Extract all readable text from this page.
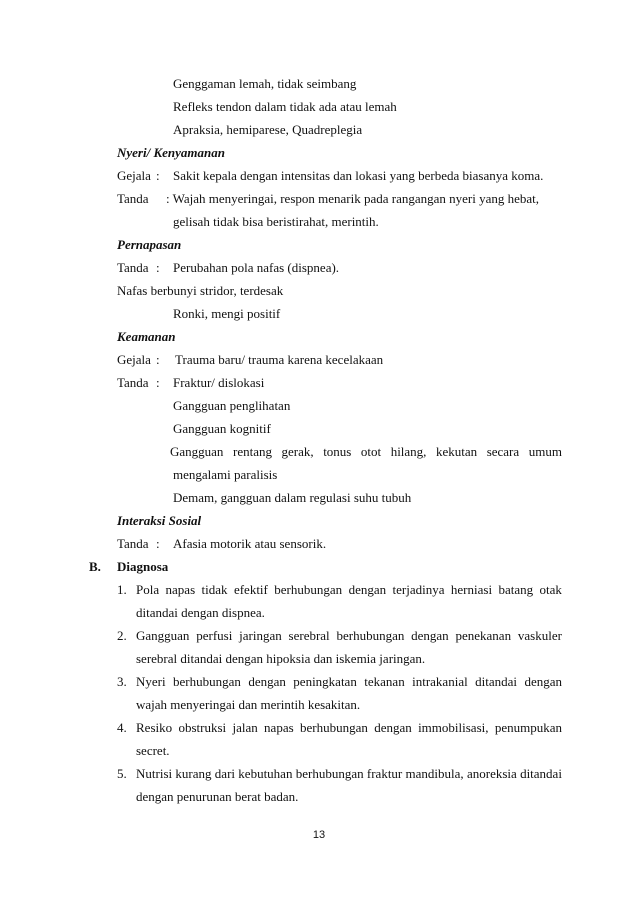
Genggaman lemah, tidak seimbang
Refleks tendon dalam tidak ada atau lemah
Apraksia, hemiparese, Quadreplegia
Nyeri/ Kenyamanan
Gejala : Sakit kepala dengan intensitas dan lokasi yang berbeda biasanya koma.
Tanda : Wajah menyeringai, respon menarik pada rangangan nyeri yang hebat,
gelisah tidak bisa beristirahat, merintih.
Pernapasan
Tanda : Perubahan pola nafas (dispnea).
Nafas berbunyi stridor, terdesak
Ronki, mengi positif
Keamanan
Gejala : Trauma baru/ trauma karena kecelakaan
Tanda : Fraktur/ dislokasi
Gangguan penglihatan
Gangguan kognitif
Gangguan rentang gerak, tonus otot hilang, kekutan secara umum
mengalami paralisis
Demam, gangguan dalam regulasi suhu tubuh
Interaksi Sosial
Tanda : Afasia motorik atau sensorik.
B. Diagnosa
1. Pola napas tidak efektif berhubungan dengan terjadinya herniasi batang otak
ditandai dengan dispnea.
2. Gangguan perfusi jaringan serebral berhubungan dengan penekanan vaskuler
serebral ditandai dengan hipoksia dan iskemia jaringan.
3. Nyeri berhubungan dengan peningkatan tekanan intrakanial ditandai dengan
wajah menyeringai dan merintih kesakitan.
4. Resiko obstruksi jalan napas berhubungan dengan immobilisasi, penumpukan
secret.
5. Nutrisi kurang dari kebutuhan berhubungan fraktur mandibula, anoreksia ditandai
dengan penurunan berat badan.
13
